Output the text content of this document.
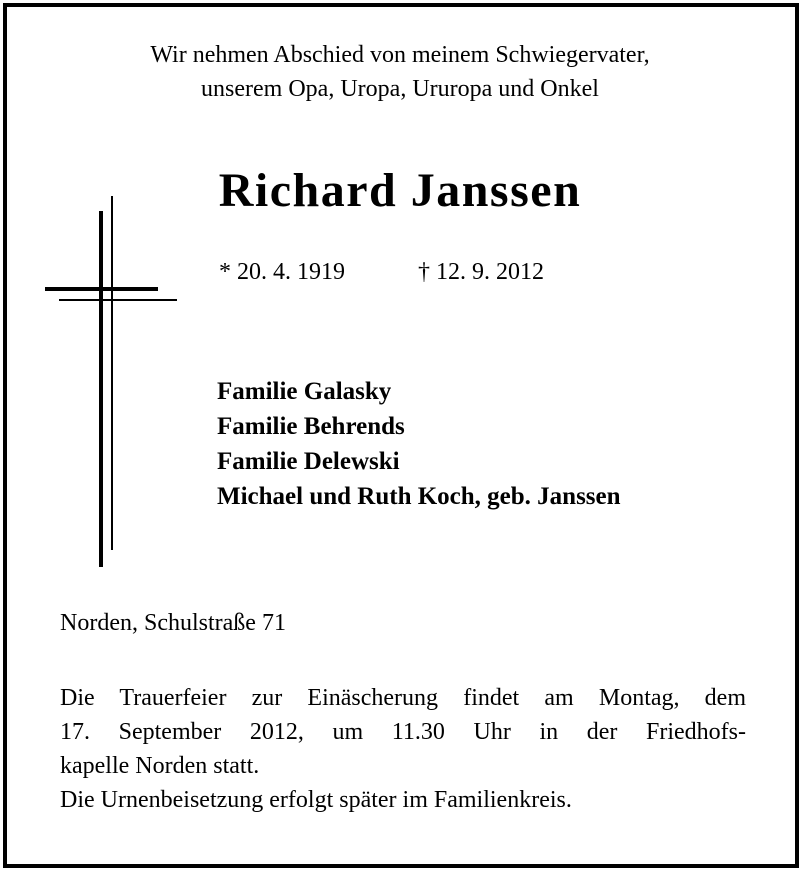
Wir nehmen Abschied von meinem Schwiegervater,
unserem Opa, Uropa, Ururopa und Onkel
Richard Janssen
* 20. 4. 1919	† 12. 9. 2012
Familie Galasky
Familie Behrends
Familie Delewski
Michael und Ruth Koch, geb. Janssen
Norden, Schulstraße 71
Die Trauerfeier zur Einäscherung findet am Montag, dem
17. September 2012, um 11.30 Uhr in der Friedhofs-
kapelle Norden statt.
Die Urnenbeisetzung erfolgt später im Familienkreis.
